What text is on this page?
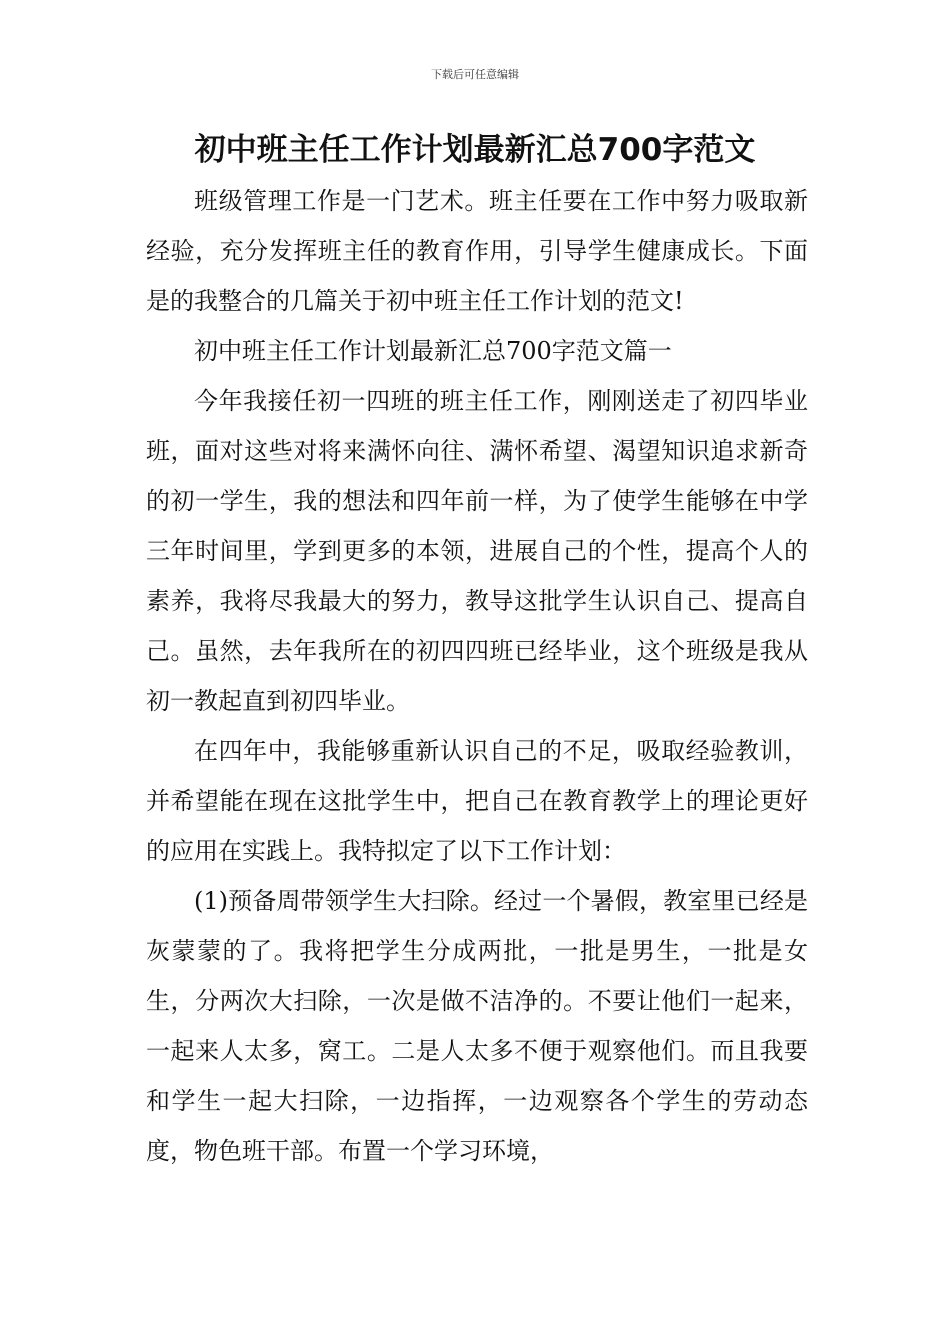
下载后可任意编辑
初中班主任工作计划最新汇总700字范文

班级管理工作是一门艺术。班主任要在工作中努力吸取新经验，充分发挥班主任的教育作用，引导学生健康成长。下面是的我整合的几篇关于初中班主任工作计划的范文!

初中班主任工作计划最新汇总700字范文篇一

今年我接任初一四班的班主任工作，刚刚送走了初四毕业班，面对这些对将来满怀向往、满怀希望、渴望知识追求新奇的初一学生，我的想法和四年前一样，为了使学生能够在中学三年时间里，学到更多的本领，进展自己的个性，提高个人的素养，我将尽我最大的努力，教导这批学生认识自己、提高自己。虽然，去年我所在的初四四班已经毕业，这个班级是我从初一教起直到初四毕业。

在四年中，我能够重新认识自己的不足，吸取经验教训，并希望能在现在这批学生中，把自己在教育教学上的理论更好的应用在实践上。我特拟定了以下工作计划：

(1)预备周带领学生大扫除。经过一个暑假，教室里已经是灰蒙蒙的了。我将把学生分成两批，一批是男生，一批是女生，分两次大扫除，一次是做不洁净的。不要让他们一起来，一起来人太多，窝工。二是人太多不便于观察他们。而且我要和学生一起大扫除，一边指挥，一边观察各个学生的劳动态度，物色班干部。布置一个学习环境，
